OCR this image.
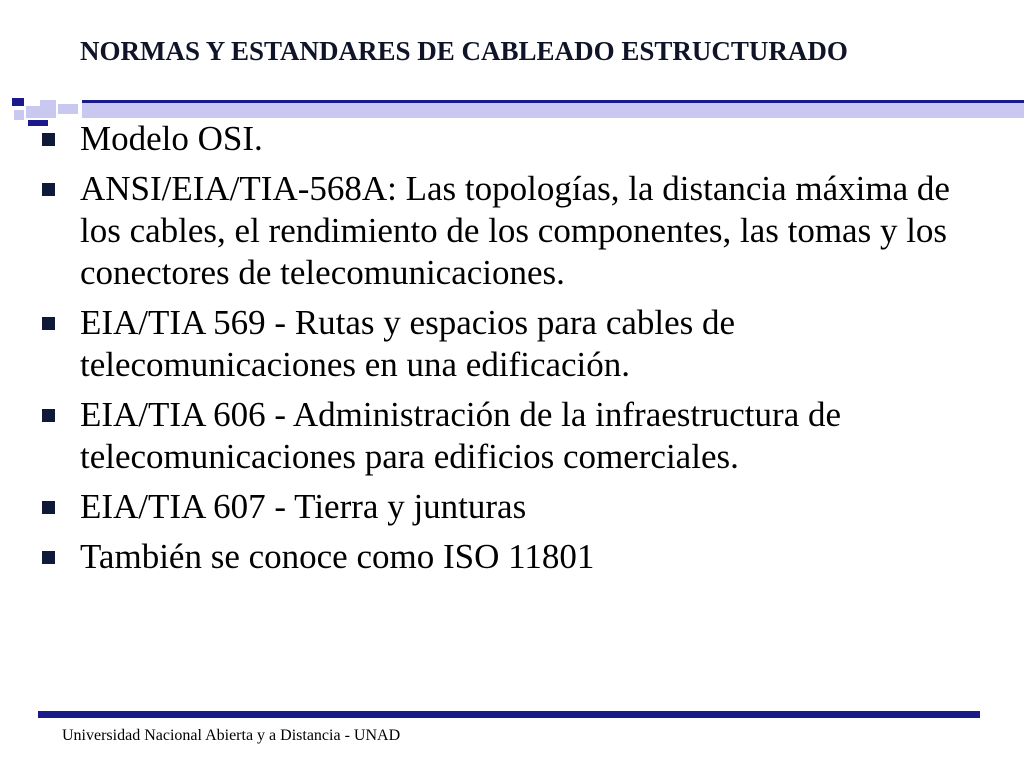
NORMAS Y ESTANDARES DE CABLEADO ESTRUCTURADO
Modelo OSI.
ANSI/EIA/TIA-568A: Las topologías, la distancia máxima de los cables, el rendimiento de los componentes, las tomas y los conectores de telecomunicaciones.
EIA/TIA 569 - Rutas y espacios para cables de telecomunicaciones en una edificación.
EIA/TIA 606 - Administración de la infraestructura de telecomunicaciones para edificios comerciales.
EIA/TIA 607 - Tierra y junturas
También se conoce como ISO 11801
Universidad Nacional Abierta y a Distancia - UNAD
